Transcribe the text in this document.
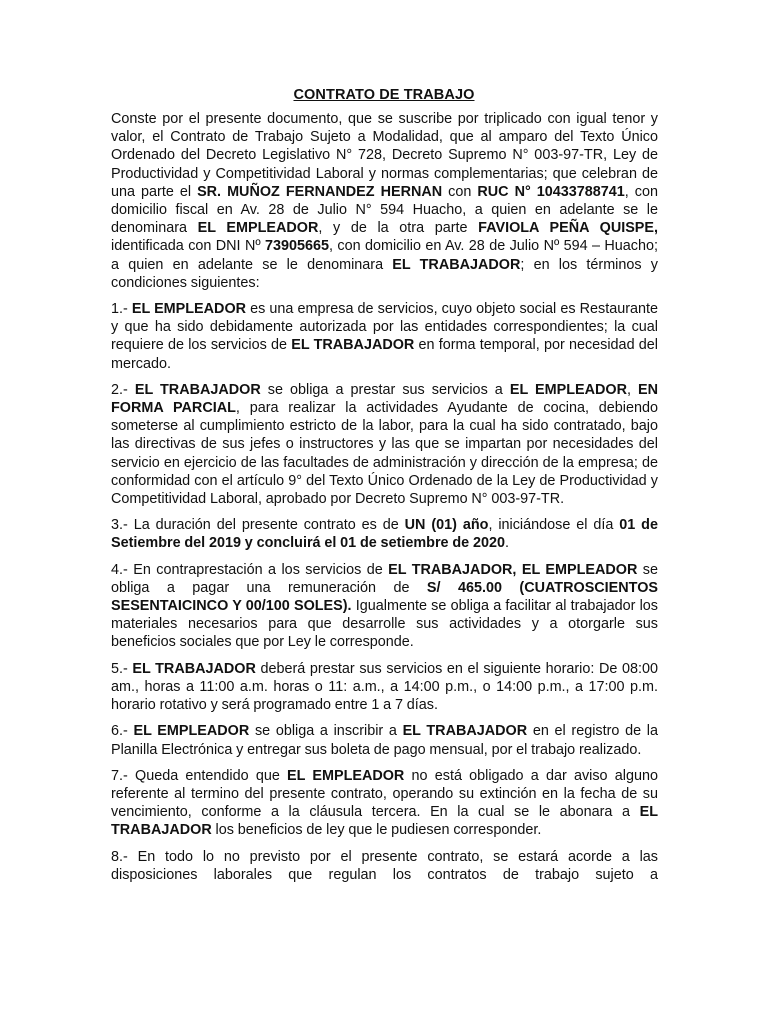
CONTRATO DE TRABAJO

Conste por el presente documento, que se suscribe por triplicado con igual tenor y valor, el Contrato de Trabajo Sujeto a Modalidad, que al amparo del Texto Único Ordenado del Decreto Legislativo N° 728, Decreto Supremo N° 003-97-TR, Ley de Productividad y Competitividad Laboral y normas complementarias; que celebran de una parte el SR. MUÑOZ FERNANDEZ HERNAN con RUC N° 10433788741, con domicilio fiscal en Av. 28 de Julio N° 594 Huacho, a quien en adelante se le denominara EL EMPLEADOR, y de la otra parte FAVIOLA PEÑA QUISPE, identificada con DNI Nº 73905665, con domicilio en Av. 28 de Julio Nº 594 – Huacho; a quien en adelante se le denominara EL TRABAJADOR; en los términos y condiciones siguientes:

1.- EL EMPLEADOR es una empresa de servicios, cuyo objeto social es Restaurante y que ha sido debidamente autorizada por las entidades correspondientes; la cual requiere de los servicios de EL TRABAJADOR en forma temporal, por necesidad del mercado.

2.- EL TRABAJADOR se obliga a prestar sus servicios a EL EMPLEADOR, EN FORMA PARCIAL, para realizar la actividades Ayudante de cocina, debiendo someterse al cumplimiento estricto de la labor, para la cual ha sido contratado, bajo las directivas de sus jefes o instructores y las que se impartan por necesidades del servicio en ejercicio de las facultades de administración y dirección de la empresa; de conformidad con el artículo 9° del Texto Único Ordenado de la Ley de Productividad y Competitividad Laboral, aprobado por Decreto Supremo N° 003-97-TR.

3.- La duración del presente contrato es de UN (01) año, iniciándose el día 01 de Setiembre del 2019 y concluirá el 01 de setiembre de 2020.

4.- En contraprestación a los servicios de EL TRABAJADOR, EL EMPLEADOR se obliga a pagar una remuneración de S/ 465.00 (CUATROSCIENTOS SESENTAICINCO Y 00/100 SOLES). Igualmente se obliga a facilitar al trabajador los materiales necesarios para que desarrolle sus actividades y a otorgarle sus beneficios sociales que por Ley le corresponde.

5.- EL TRABAJADOR deberá prestar sus servicios en el siguiente horario: De 08:00 am., horas a 11:00 a.m. horas o 11: a.m., a 14:00 p.m., o 14:00 p.m., a 17:00 p.m. horario rotativo y será programado entre 1 a 7 días.

6.- EL EMPLEADOR se obliga a inscribir a EL TRABAJADOR en el registro de la Planilla Electrónica y entregar sus boleta de pago mensual, por el trabajo realizado.

7.- Queda entendido que EL EMPLEADOR no está obligado a dar aviso alguno referente al termino del presente contrato, operando su extinción en la fecha de su vencimiento, conforme a la cláusula tercera. En la cual se le abonara a EL TRABAJADOR los beneficios de ley que le pudiesen corresponder.

8.- En todo lo no previsto por el presente contrato, se estará acorde a las disposiciones laborales que regulan los contratos de trabajo sujeto a
